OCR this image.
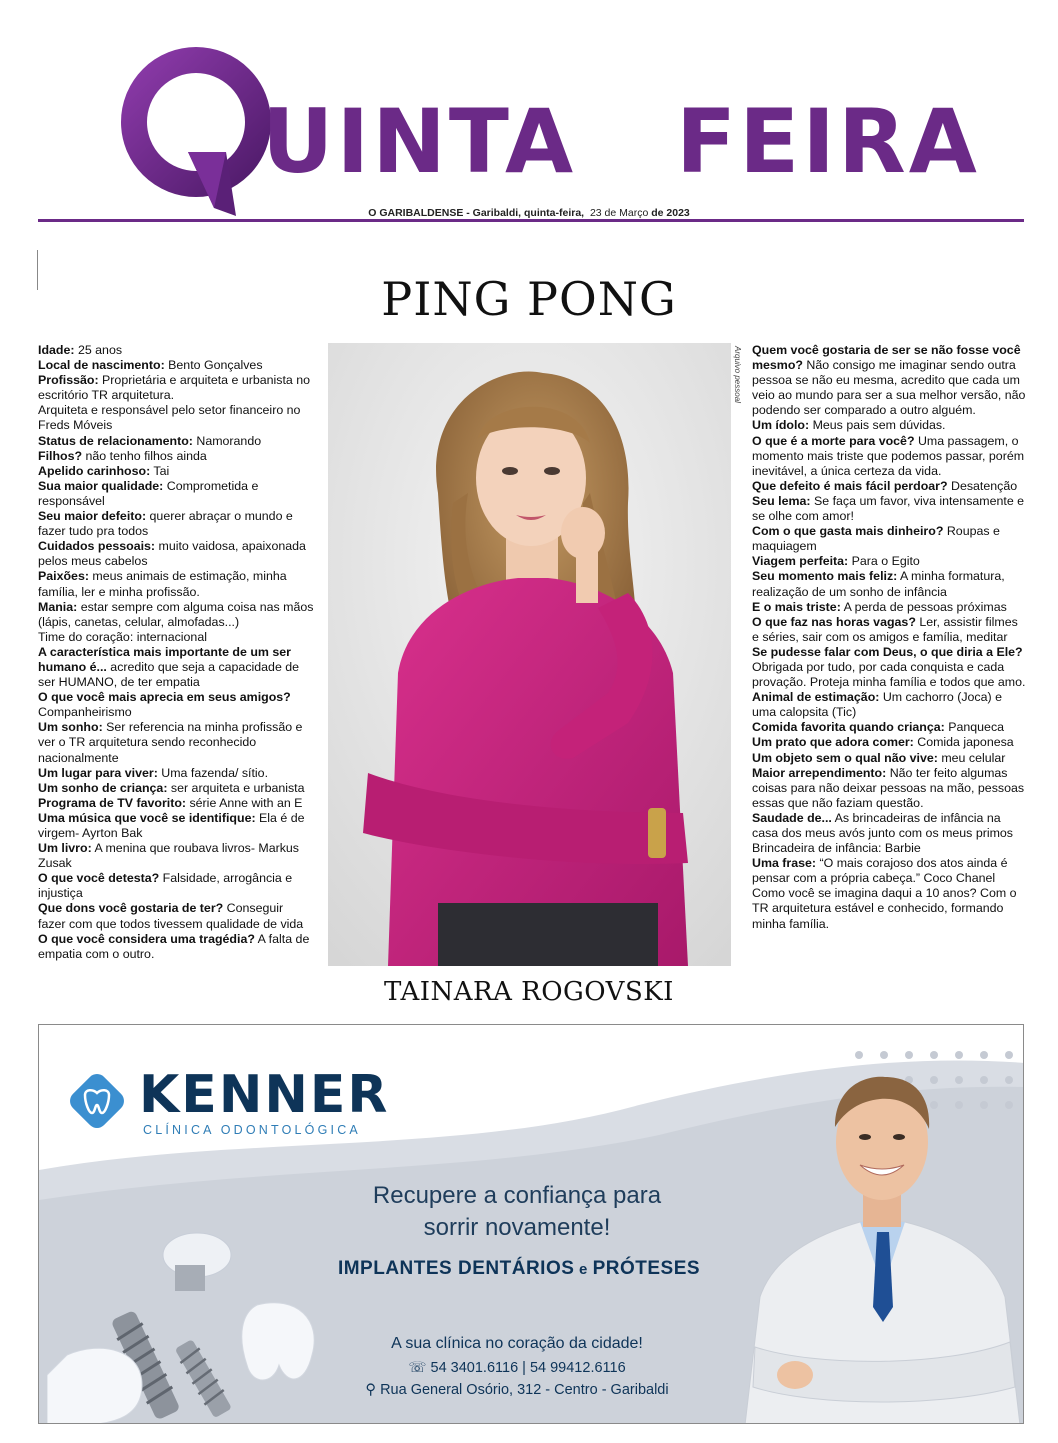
UINTA FEIRA
O GARIBALDENSE - Garibaldi, quinta-feira, 23 de Março de 2023
PING PONG

Idade: 25 anos

Local de nascimento: Bento Gonçalves

Profissão: Proprietária e arquiteta e urbanista no escritório TR arquitetura.

Arquiteta e responsável pelo setor financeiro no Freds Móveis

Status de relacionamento: Namorando

Filhos? não tenho filhos ainda

Apelido carinhoso: Tai

Sua maior qualidade: Comprometida e responsável

Seu maior defeito: querer abraçar o mundo e fazer tudo pra todos

Cuidados pessoais: muito vaidosa, apaixonada pelos meus cabelos

Paixões: meus animais de estimação, minha família, ler e minha profissão.

Mania: estar sempre com alguma coisa nas mãos (lápis, canetas, celular, almofadas...)

Time do coração: internacional

A característica mais importante de um ser humano é... acredito que seja a capacidade de ser HUMANO, de ter empatia

O que você mais aprecia em seus amigos? Companheirismo

Um sonho: Ser referencia na minha profissão e ver o TR arquitetura sendo reconhecido nacionalmente

Um lugar para viver: Uma fazenda/ sítio.

Um sonho de criança: ser arquiteta e urbanista

Programa de TV favorito: série Anne with an E

Uma música que você se identifique: Ela é de virgem- Ayrton Bak

Um livro: A menina que roubava livros- Markus Zusak

O que você detesta? Falsidade, arrogância e injustiça

Que dons você gostaria de ter? Conseguir fazer com que todos tivessem qualidade de vida

O que você considera uma tragédia? A falta de empatia com o outro.

Arquivo pessoal Quem você gostaria de ser se não fosse você mesmo? Não consigo me imaginar sendo outra pessoa se não eu mesma, acredito que cada um veio ao mundo para ser a sua melhor versão, não podendo ser comparado a outro alguém.

Um ídolo: Meus pais sem dúvidas.

O que é a morte para você? Uma passagem, o momento mais triste que podemos passar, porém inevitável, a única certeza da vida.

Que defeito é mais fácil perdoar? Desatenção

Seu lema: Se faça um favor, viva intensamente e se olhe com amor!

Com o que gasta mais dinheiro? Roupas e maquiagem

Viagem perfeita: Para o Egito

Seu momento mais feliz: A minha formatura, realização de um sonho de infância

E o mais triste: A perda de pessoas próximas

O que faz nas horas vagas? Ler, assistir filmes e séries, sair com os amigos e família, meditar

Se pudesse falar com Deus, o que diria a Ele? Obrigada por tudo, por cada conquista e cada provação. Proteja minha família e todos que amo.

Animal de estimação: Um cachorro (Joca) e uma calopsita (Tic)

Comida favorita quando criança: Panqueca

Um prato que adora comer: Comida japonesa

Um objeto sem o qual não vive: meu celular

Maior arrependimento: Não ter feito algumas coisas para não deixar pessoas na mão, pessoas essas que não faziam questão.

Saudade de... As brincadeiras de infância na casa dos meus avós junto com os meus primos

Brincadeira de infância: Barbie

Uma frase: “O mais corajoso dos atos ainda é pensar com a própria cabeça.” Coco Chanel

Como você se imagina daqui a 10 anos? Com o TR arquitetura estável e conhecido, formando minha família.

TAINARA ROGOVSKI
KENNER
CLÍNICA ODONTOLÓGICA
Recupere a confiança para
sorrir novamente!
IMPLANTES DENTÁRIOS e PRÓTESES
A sua clínica no coração da cidade!
☏ 54 3401.6116 | 54 99412.6116
⚲ Rua General Osório, 312 - Centro - Garibaldi
